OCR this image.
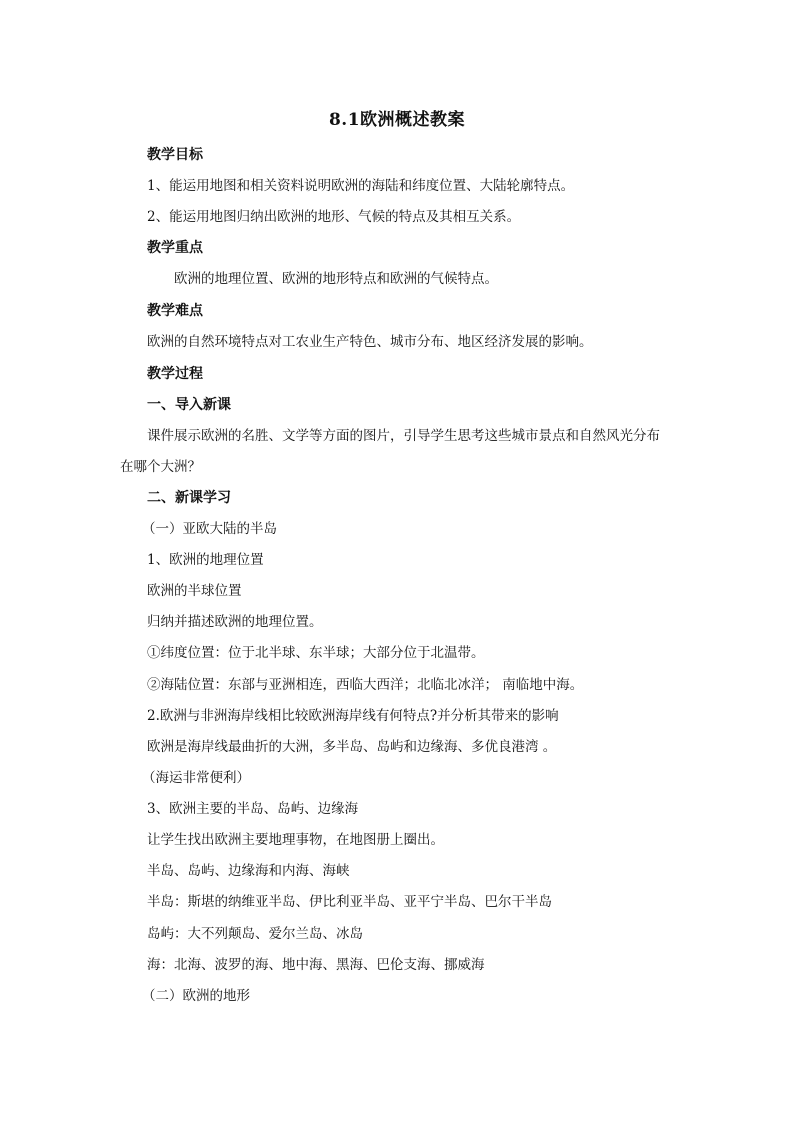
8.1欧洲概述教案
教学目标
1、能运用地图和相关资料说明欧洲的海陆和纬度位置、大陆轮廓特点。
2、能运用地图归纳出欧洲的地形、气候的特点及其相互关系。
教学重点
欧洲的地理位置、欧洲的地形特点和欧洲的气候特点。
教学难点
欧洲的自然环境特点对工农业生产特色、城市分布、地区经济发展的影响。
教学过程
一、导入新课
课件展示欧洲的名胜、文学等方面的图片，引导学生思考这些城市景点和自然风光分布
在哪个大洲？
二、新课学习
（一）亚欧大陆的半岛
1、欧洲的地理位置
欧洲的半球位置
归纳并描述欧洲的地理位置。
①纬度位置：位于北半球、东半球；大部分位于北温带。
②海陆位置：东部与亚洲相连，西临大西洋；北临北冰洋； 南临地中海。
2.欧洲与非洲海岸线相比较欧洲海岸线有何特点?并分析其带来的影响
欧洲是海岸线最曲折的大洲，多半岛、岛屿和边缘海、多优良港湾 。
（海运非常便利）
3、欧洲主要的半岛、岛屿、边缘海
让学生找出欧洲主要地理事物，在地图册上圈出。
半岛、岛屿、边缘海和内海、海峡
半岛：斯堪的纳维亚半岛、伊比利亚半岛、亚平宁半岛、巴尔干半岛
岛屿：大不列颠岛、爱尔兰岛、冰岛
海：北海、波罗的海、地中海、黑海、巴伦支海、挪威海
（二）欧洲的地形
